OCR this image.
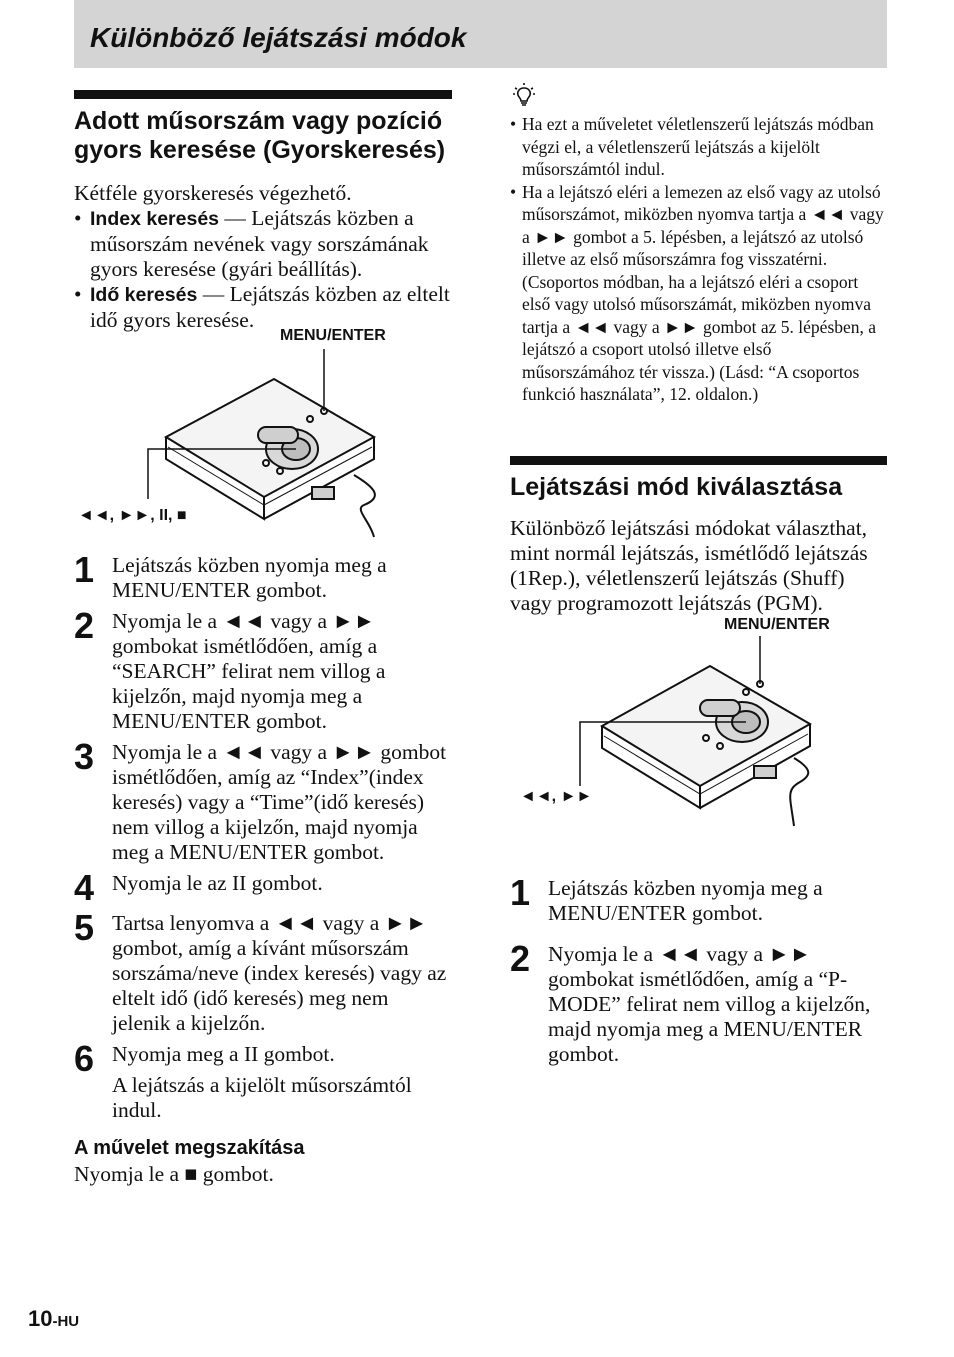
Különböző lejátszási módok
Adott műsorszám vagy pozíció gyors keresése (Gyorskeresés)

Kétféle gyorskeresés végezhető.

• Index keresés — Lejátszás közben a műsorszám nevének vagy sorszámának gyors keresése (gyári beállítás).
• Idő keresés — Lejátszás közben az eltelt idő gyors keresése.
MENU/ENTER
◄◄, ►►, II, ■
1 Lejátszás közben nyomja meg a MENU/ENTER gombot.
2 Nyomja le a ◄◄ vagy a ►► gombokat ismétlődően, amíg a “SEARCH” felirat nem villog a kijelzőn, majd nyomja meg a MENU/ENTER gombot.
3 Nyomja le a ◄◄ vagy a ►► gombot ismétlődően, amíg az “Index”(index keresés) vagy a “Time”(idő keresés) nem villog a kijelzőn, majd nyomja meg a MENU/ENTER gombot.
4 Nyomja le az II gombot.
5 Tartsa lenyomva a ◄◄ vagy a ►► gombot, amíg a kívánt műsorszám sorszáma/neve (index keresés) vagy az eltelt idő (idő keresés) meg nem jelenik a kijelzőn.
6 Nyomja meg a II gombot.
A lejátszás a kijelölt műsorszámtól indul.
A művelet megszakítása

Nyomja le a ■ gombot.

• Ha ezt a műveletet véletlenszerű lejátszás módban végzi el, a véletlenszerű lejátszás a kijelölt műsorszámtól indul.
• Ha a lejátszó eléri a lemezen az első vagy az utolsó műsorszámot, miközben nyomva tartja a ◄◄ vagy a ►► gombot a 5. lépésben, a lejátszó az utolsó illetve az első műsorszámra fog visszatérni. (Csoportos módban, ha a lejátszó eléri a csoport első vagy utolsó műsorszámát, miközben nyomva tartja a ◄◄ vagy a ►► gombot az 5. lépésben, a lejátszó a csoport utolsó illetve első műsorszámához tér vissza.) (Lásd: “A csoportos funkció használata”, 12. oldalon.)
Lejátszási mód kiválasztása

Különböző lejátszási módokat választhat, mint normál lejátszás, ismétlődő lejátszás (1Rep.), véletlenszerű lejátszás (Shuff) vagy programozott lejátszás (PGM).

MENU/ENTER
◄◄, ►►
1 Lejátszás közben nyomja meg a MENU/ENTER gombot.
2 Nyomja le a ◄◄ vagy a ►► gombokat ismétlődően, amíg a “P-MODE” felirat nem villog a kijelzőn, majd nyomja meg a MENU/ENTER gombot.
10-HU
